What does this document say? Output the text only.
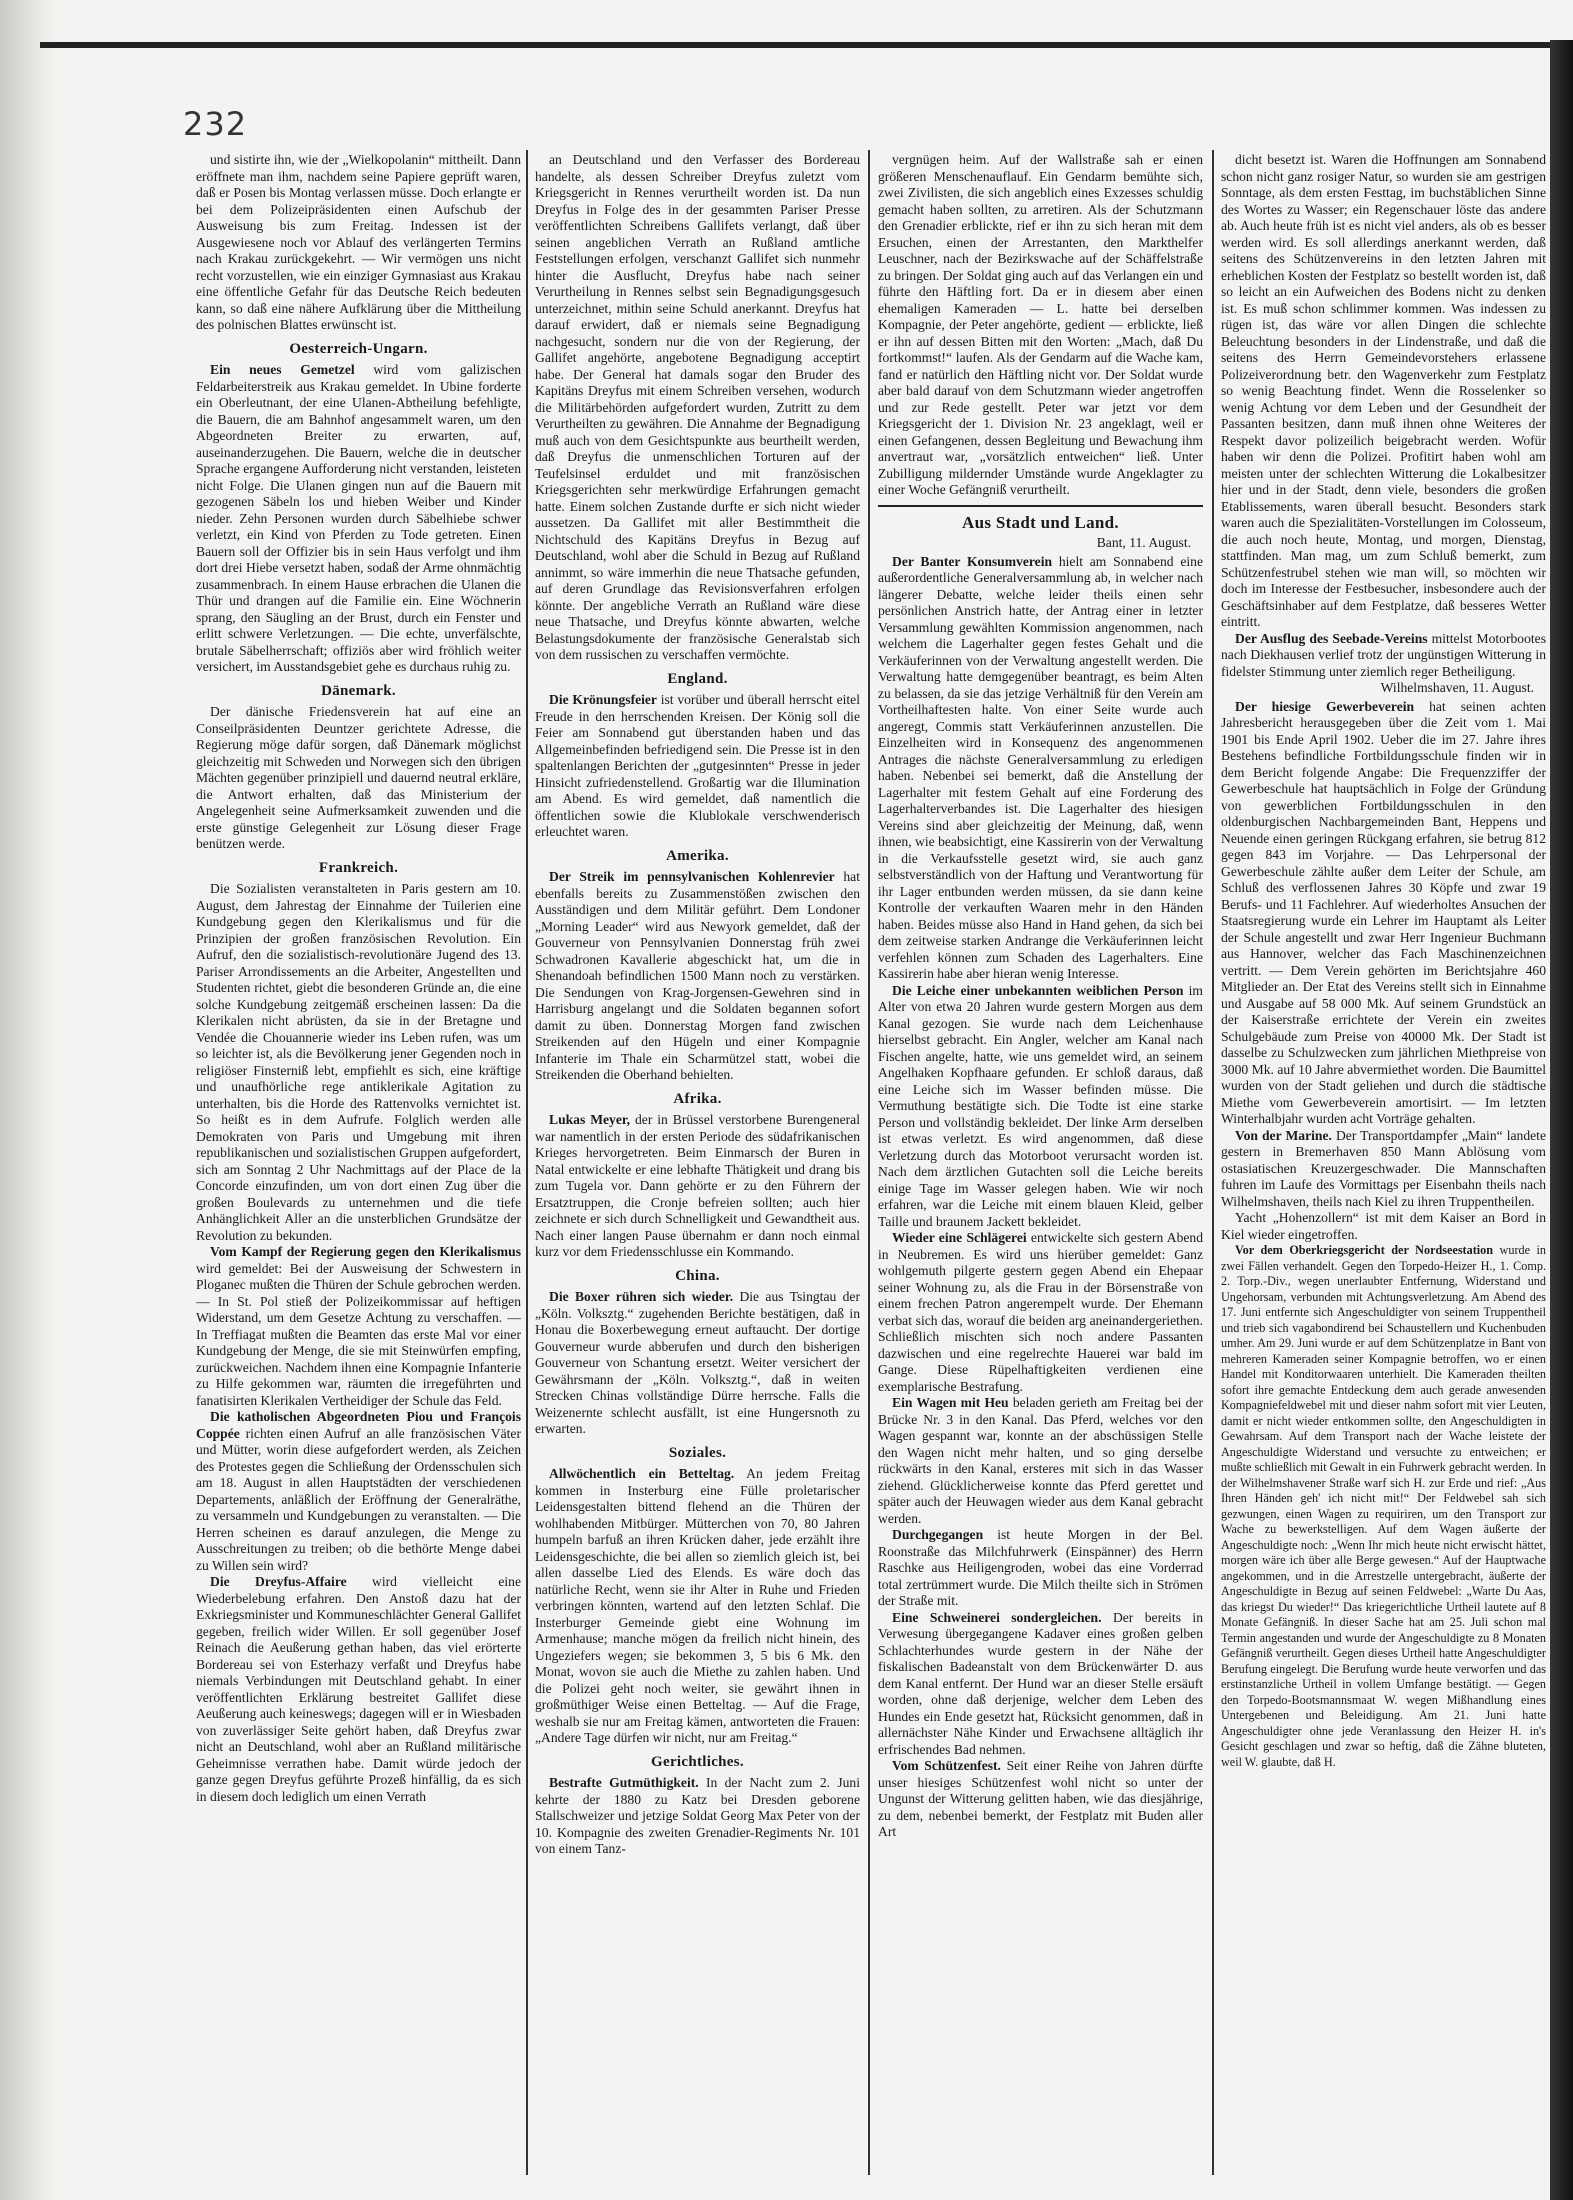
232

und sistirte ihn, wie der „Wielkopolanin“ mittheilt. Dann eröffnete man ihm, nachdem seine Papiere geprüft waren, daß er Posen bis Montag verlassen müsse. Doch erlangte er bei dem Polizeipräsidenten einen Aufschub der Ausweisung bis zum Freitag. Indessen ist der Ausgewiesene noch vor Ablauf des verlängerten Termins nach Krakau zurückgekehrt. — Wir vermögen uns nicht recht vorzustellen, wie ein einziger Gymnasiast aus Krakau eine öffentliche Gefahr für das Deutsche Reich bedeuten kann, so daß eine nähere Aufklärung über die Mittheilung des polnischen Blattes erwünscht ist.

Oesterreich-Ungarn.

Ein neues Gemetzel wird vom galizischen Feldarbeiterstreik aus Krakau gemeldet. In Ubine forderte ein Oberleutnant, der eine Ulanen-Abtheilung befehligte, die Bauern, die am Bahnhof angesammelt waren, um den Abgeordneten Breiter zu erwarten, auf, auseinanderzugehen. Die Bauern, welche die in deutscher Sprache ergangene Aufforderung nicht verstanden, leisteten nicht Folge. Die Ulanen gingen nun auf die Bauern mit gezogenen Säbeln los und hieben Weiber und Kinder nieder. Zehn Personen wurden durch Säbelhiebe schwer verletzt, ein Kind von Pferden zu Tode getreten. Einen Bauern soll der Offizier bis in sein Haus verfolgt und ihm dort drei Hiebe versetzt haben, sodaß der Arme ohnmächtig zusammenbrach. In einem Hause erbrachen die Ulanen die Thür und drangen auf die Familie ein. Eine Wöchnerin sprang, den Säugling an der Brust, durch ein Fenster und erlitt schwere Verletzungen. — Die echte, unverfälschte, brutale Säbelherrschaft; offiziös aber wird fröhlich weiter versichert, im Ausstandsgebiet gehe es durchaus ruhig zu.

Dänemark.

Der dänische Friedensverein hat auf eine an Conseilpräsidenten Deuntzer gerichtete Adresse, die Regierung möge dafür sorgen, daß Dänemark möglichst gleichzeitig mit Schweden und Norwegen sich den übrigen Mächten gegenüber prinzipiell und dauernd neutral erkläre, die Antwort erhalten, daß das Ministerium der Angelegenheit seine Aufmerksamkeit zuwenden und die erste günstige Gelegenheit zur Lösung dieser Frage benützen werde.

Frankreich.

Die Sozialisten veranstalteten in Paris gestern am 10. August, dem Jahrestag der Einnahme der Tuilerien eine Kundgebung gegen den Klerikalismus und für die Prinzipien der großen französischen Revolution. Ein Aufruf, den die sozialistisch-revolutionäre Jugend des 13. Pariser Arrondissements an die Arbeiter, Angestellten und Studenten richtet, giebt die besonderen Gründe an, die eine solche Kundgebung zeitgemäß erscheinen lassen: Da die Klerikalen nicht abrüsten, da sie in der Bretagne und Vendée die Chouannerie wieder ins Leben rufen, was um so leichter ist, als die Bevölkerung jener Gegenden noch in religiöser Finsterniß lebt, empfiehlt es sich, eine kräftige und unaufhörliche rege antiklerikale Agitation zu unterhalten, bis die Horde des Rattenvolks vernichtet ist. So heißt es in dem Aufrufe. Folglich werden alle Demokraten von Paris und Umgebung mit ihren republikanischen und sozialistischen Gruppen aufgefordert, sich am Sonntag 2 Uhr Nachmittags auf der Place de la Concorde einzufinden, um von dort einen Zug über die großen Boulevards zu unternehmen und die tiefe Anhänglichkeit Aller an die unsterblichen Grundsätze der Revolution zu bekunden.

Vom Kampf der Regierung gegen den Klerikalismus wird gemeldet: Bei der Ausweisung der Schwestern in Ploganec mußten die Thüren der Schule gebrochen werden. — In St. Pol stieß der Polizeikommissar auf heftigen Widerstand, um dem Gesetze Achtung zu verschaffen. — In Treffiagat mußten die Beamten das erste Mal vor einer Kundgebung der Menge, die sie mit Steinwürfen empfing, zurückweichen. Nachdem ihnen eine Kompagnie Infanterie zu Hilfe gekommen war, räumten die irregeführten und fanatisirten Klerikalen Vertheidiger der Schule das Feld.

Die katholischen Abgeordneten Piou und François Coppée richten einen Aufruf an alle französischen Väter und Mütter, worin diese aufgefordert werden, als Zeichen des Protestes gegen die Schließung der Ordensschulen sich am 18. August in allen Hauptstädten der verschiedenen Departements, anläßlich der Eröffnung der Generalräthe, zu versammeln und Kundgebungen zu veranstalten. — Die Herren scheinen es darauf anzulegen, die Menge zu Ausschreitungen zu treiben; ob die bethörte Menge dabei zu Willen sein wird?

Die Dreyfus-Affaire wird vielleicht eine Wiederbelebung erfahren. Den Anstoß dazu hat der Exkriegsminister und Kommuneschlächter General Gallifet gegeben, freilich wider Willen. Er soll gegenüber Josef Reinach die Aeußerung gethan haben, das viel erörterte Bordereau sei von Esterhazy verfaßt und Dreyfus habe niemals Verbindungen mit Deutschland gehabt. In einer veröffentlichten Erklärung bestreitet Gallifet diese Aeußerung auch keineswegs; dagegen will er in Wiesbaden von zuverlässiger Seite gehört haben, daß Dreyfus zwar nicht an Deutschland, wohl aber an Rußland militärische Geheimnisse verrathen habe. Damit würde jedoch der ganze gegen Dreyfus geführte Prozeß hinfällig, da es sich in diesem doch lediglich um einen Verrath

an Deutschland und den Verfasser des Bordereau handelte, als dessen Schreiber Dreyfus zuletzt vom Kriegsgericht in Rennes verurtheilt worden ist. Da nun Dreyfus in Folge des in der gesammten Pariser Presse veröffentlichten Schreibens Gallifets verlangt, daß über seinen angeblichen Verrath an Rußland amtliche Feststellungen erfolgen, verschanzt Gallifet sich nunmehr hinter die Ausflucht, Dreyfus habe nach seiner Verurtheilung in Rennes selbst sein Begnadigungsgesuch unterzeichnet, mithin seine Schuld anerkannt. Dreyfus hat darauf erwidert, daß er niemals seine Begnadigung nachgesucht, sondern nur die von der Regierung, der Gallifet angehörte, angebotene Begnadigung acceptirt habe. Der General hat damals sogar den Bruder des Kapitäns Dreyfus mit einem Schreiben versehen, wodurch die Militärbehörden aufgefordert wurden, Zutritt zu dem Verurtheilten zu gewähren. Die Annahme der Begnadigung muß auch von dem Gesichtspunkte aus beurtheilt werden, daß Dreyfus die unmenschlichen Torturen auf der Teufelsinsel erduldet und mit französischen Kriegsgerichten sehr merkwürdige Erfahrungen gemacht hatte. Einem solchen Zustande durfte er sich nicht wieder aussetzen. Da Gallifet mit aller Bestimmtheit die Nichtschuld des Kapitäns Dreyfus in Bezug auf Deutschland, wohl aber die Schuld in Bezug auf Rußland annimmt, so wäre immerhin die neue Thatsache gefunden, auf deren Grundlage das Revisionsverfahren erfolgen könnte. Der angebliche Verrath an Rußland wäre diese neue Thatsache, und Dreyfus könnte abwarten, welche Belastungsdokumente der französische Generalstab sich von dem russischen zu verschaffen vermöchte.

England.

Die Krönungsfeier ist vorüber und überall herrscht eitel Freude in den herrschenden Kreisen. Der König soll die Feier am Sonnabend gut überstanden haben und das Allgemeinbefinden befriedigend sein. Die Presse ist in den spaltenlangen Berichten der „gutgesinnten“ Presse in jeder Hinsicht zufriedenstellend. Großartig war die Illumination am Abend. Es wird gemeldet, daß namentlich die öffentlichen sowie die Klublokale verschwenderisch erleuchtet waren.

Amerika.

Der Streik im pennsylvanischen Kohlenrevier hat ebenfalls bereits zu Zusammenstößen zwischen den Ausständigen und dem Militär geführt. Dem Londoner „Morning Leader“ wird aus Newyork gemeldet, daß der Gouverneur von Pennsylvanien Donnerstag früh zwei Schwadronen Kavallerie abgeschickt hat, um die in Shenandoah befindlichen 1500 Mann noch zu verstärken. Die Sendungen von Krag-Jorgensen-Gewehren sind in Harrisburg angelangt und die Soldaten begannen sofort damit zu üben. Donnerstag Morgen fand zwischen Streikenden auf den Hügeln und einer Kompagnie Infanterie im Thale ein Scharmützel statt, wobei die Streikenden die Oberhand behielten.

Afrika.

Lukas Meyer, der in Brüssel verstorbene Burengeneral war namentlich in der ersten Periode des südafrikanischen Krieges hervorgetreten. Beim Einmarsch der Buren in Natal entwickelte er eine lebhafte Thätigkeit und drang bis zum Tugela vor. Dann gehörte er zu den Führern der Ersatztruppen, die Cronje befreien sollten; auch hier zeichnete er sich durch Schnelligkeit und Gewandtheit aus. Nach einer langen Pause übernahm er dann noch einmal kurz vor dem Friedensschlusse ein Kommando.

China.

Die Boxer rühren sich wieder. Die aus Tsingtau der „Köln. Volksztg.“ zugehenden Berichte bestätigen, daß in Honau die Boxerbewegung erneut auftaucht. Der dortige Gouverneur wurde abberufen und durch den bisherigen Gouverneur von Schantung ersetzt. Weiter versichert der Gewährsmann der „Köln. Volksztg.“, daß in weiten Strecken Chinas vollständige Dürre herrsche. Falls die Weizenernte schlecht ausfällt, ist eine Hungersnoth zu erwarten.

Soziales.

Allwöchentlich ein Betteltag. An jedem Freitag kommen in Insterburg eine Fülle proletarischer Leidensgestalten bittend flehend an die Thüren der wohlhabenden Mitbürger. Mütterchen von 70, 80 Jahren humpeln barfuß an ihren Krücken daher, jede erzählt ihre Leidensgeschichte, die bei allen so ziemlich gleich ist, bei allen dasselbe Lied des Elends. Es wäre doch das natürliche Recht, wenn sie ihr Alter in Ruhe und Frieden verbringen könnten, wartend auf den letzten Schlaf. Die Insterburger Gemeinde giebt eine Wohnung im Armenhause; manche mögen da freilich nicht hinein, des Ungeziefers wegen; sie bekommen 3, 5 bis 6 Mk. den Monat, wovon sie auch die Miethe zu zahlen haben. Und die Polizei geht noch weiter, sie gewährt ihnen in großmüthiger Weise einen Betteltag. — Auf die Frage, weshalb sie nur am Freitag kämen, antworteten die Frauen: „Andere Tage dürfen wir nicht, nur am Freitag.“

Gerichtliches.

Bestrafte Gutmüthigkeit. In der Nacht zum 2. Juni kehrte der 1880 zu Katz bei Dresden geborene Stallschweizer und jetzige Soldat Georg Max Peter von der 10. Kompagnie des zweiten Grenadier-Regiments Nr. 101 von einem Tanz-

vergnügen heim. Auf der Wallstraße sah er einen größeren Menschenauflauf. Ein Gendarm bemühte sich, zwei Zivilisten, die sich angeblich eines Exzesses schuldig gemacht haben sollten, zu arretiren. Als der Schutzmann den Grenadier erblickte, rief er ihn zu sich heran mit dem Ersuchen, einen der Arrestanten, den Markthelfer Leuschner, nach der Bezirkswache auf der Schäffelstraße zu bringen. Der Soldat ging auch auf das Verlangen ein und führte den Häftling fort. Da er in diesem aber einen ehemaligen Kameraden — L. hatte bei derselben Kompagnie, der Peter angehörte, gedient — erblickte, ließ er ihn auf dessen Bitten mit den Worten: „Mach, daß Du fortkommst!“ laufen. Als der Gendarm auf die Wache kam, fand er natürlich den Häftling nicht vor. Der Soldat wurde aber bald darauf von dem Schutzmann wieder angetroffen und zur Rede gestellt. Peter war jetzt vor dem Kriegsgericht der 1. Division Nr. 23 angeklagt, weil er einen Gefangenen, dessen Begleitung und Bewachung ihm anvertraut war, „vorsätzlich entweichen“ ließ. Unter Zubilligung mildernder Umstände wurde Angeklagter zu einer Woche Gefängniß verurtheilt.

Aus Stadt und Land.
Bant, 11. August.

Der Banter Konsumverein hielt am Sonnabend eine außerordentliche Generalversammlung ab, in welcher nach längerer Debatte, welche leider theils einen sehr persönlichen Anstrich hatte, der Antrag einer in letzter Versammlung gewählten Kommission angenommen, nach welchem die Lagerhalter gegen festes Gehalt und die Verkäuferinnen von der Verwaltung angestellt werden. Die Verwaltung hatte demgegenüber beantragt, es beim Alten zu belassen, da sie das jetzige Verhältniß für den Verein am Vortheilhaftesten halte. Von einer Seite wurde auch angeregt, Commis statt Verkäuferinnen anzustellen. Die Einzelheiten wird in Konsequenz des angenommenen Antrages die nächste Generalversammlung zu erledigen haben. Nebenbei sei bemerkt, daß die Anstellung der Lagerhalter mit festem Gehalt auf eine Forderung des Lagerhalterverbandes ist. Die Lagerhalter des hiesigen Vereins sind aber gleichzeitig der Meinung, daß, wenn ihnen, wie beabsichtigt, eine Kassirerin von der Verwaltung in die Verkaufsstelle gesetzt wird, sie auch ganz selbstverständlich von der Haftung und Verantwortung für ihr Lager entbunden werden müssen, da sie dann keine Kontrolle der verkauften Waaren mehr in den Händen haben. Beides müsse also Hand in Hand gehen, da sich bei dem zeitweise starken Andrange die Verkäuferinnen leicht verfehlen können zum Schaden des Lagerhalters. Eine Kassirerin habe aber hieran wenig Interesse.

Die Leiche einer unbekannten weiblichen Person im Alter von etwa 20 Jahren wurde gestern Morgen aus dem Kanal gezogen. Sie wurde nach dem Leichenhause hierselbst gebracht. Ein Angler, welcher am Kanal nach Fischen angelte, hatte, wie uns gemeldet wird, an seinem Angelhaken Kopfhaare gefunden. Er schloß daraus, daß eine Leiche sich im Wasser befinden müsse. Die Vermuthung bestätigte sich. Die Todte ist eine starke Person und vollständig bekleidet. Der linke Arm derselben ist etwas verletzt. Es wird angenommen, daß diese Verletzung durch das Motorboot verursacht worden ist. Nach dem ärztlichen Gutachten soll die Leiche bereits einige Tage im Wasser gelegen haben. Wie wir noch erfahren, war die Leiche mit einem blauen Kleid, gelber Taille und braunem Jackett bekleidet.

Wieder eine Schlägerei entwickelte sich gestern Abend in Neubremen. Es wird uns hierüber gemeldet: Ganz wohlgemuth pilgerte gestern gegen Abend ein Ehepaar seiner Wohnung zu, als die Frau in der Börsenstraße von einem frechen Patron angerempelt wurde. Der Ehemann verbat sich das, worauf die beiden arg aneinandergeriethen. Schließlich mischten sich noch andere Passanten dazwischen und eine regelrechte Hauerei war bald im Gange. Diese Rüpelhaftigkeiten verdienen eine exemplarische Bestrafung.

Ein Wagen mit Heu beladen gerieth am Freitag bei der Brücke Nr. 3 in den Kanal. Das Pferd, welches vor den Wagen gespannt war, konnte an der abschüssigen Stelle den Wagen nicht mehr halten, und so ging derselbe rückwärts in den Kanal, ersteres mit sich in das Wasser ziehend. Glücklicherweise konnte das Pferd gerettet und später auch der Heuwagen wieder aus dem Kanal gebracht werden.

Durchgegangen ist heute Morgen in der Bel. Roonstraße das Milchfuhrwerk (Einspänner) des Herrn Raschke aus Heiligengroden, wobei das eine Vorderrad total zertrümmert wurde. Die Milch theilte sich in Strömen der Straße mit.

Eine Schweinerei sondergleichen. Der bereits in Verwesung übergegangene Kadaver eines großen gelben Schlachterhundes wurde gestern in der Nähe der fiskalischen Badeanstalt von dem Brückenwärter D. aus dem Kanal entfernt. Der Hund war an dieser Stelle ersäuft worden, ohne daß derjenige, welcher dem Leben des Hundes ein Ende gesetzt hat, Rücksicht genommen, daß in allernächster Nähe Kinder und Erwachsene alltäglich ihr erfrischendes Bad nehmen.

Vom Schützenfest. Seit einer Reihe von Jahren dürfte unser hiesiges Schützenfest wohl nicht so unter der Ungunst der Witterung gelitten haben, wie das diesjährige, zu dem, nebenbei bemerkt, der Festplatz mit Buden aller Art

dicht besetzt ist. Waren die Hoffnungen am Sonnabend schon nicht ganz rosiger Natur, so wurden sie am gestrigen Sonntage, als dem ersten Festtag, im buchstäblichen Sinne des Wortes zu Wasser; ein Regenschauer löste das andere ab. Auch heute früh ist es nicht viel anders, als ob es besser werden wird. Es soll allerdings anerkannt werden, daß seitens des Schützenvereins in den letzten Jahren mit erheblichen Kosten der Festplatz so bestellt worden ist, daß so leicht an ein Aufweichen des Bodens nicht zu denken ist. Es muß schon schlimmer kommen. Was indessen zu rügen ist, das wäre vor allen Dingen die schlechte Beleuchtung besonders in der Lindenstraße, und daß die seitens des Herrn Gemeindevorstehers erlassene Polizeiverordnung betr. den Wagenverkehr zum Festplatz so wenig Beachtung findet. Wenn die Rosselenker so wenig Achtung vor dem Leben und der Gesundheit der Passanten besitzen, dann muß ihnen ohne Weiteres der Respekt davor polizeilich beigebracht werden. Wofür haben wir denn die Polizei. Profitirt haben wohl am meisten unter der schlechten Witterung die Lokalbesitzer hier und in der Stadt, denn viele, besonders die großen Etablissements, waren überall besucht. Besonders stark waren auch die Spezialitäten-Vorstellungen im Colosseum, die auch noch heute, Montag, und morgen, Dienstag, stattfinden. Man mag, um zum Schluß bemerkt, zum Schützenfestrubel stehen wie man will, so möchten wir doch im Interesse der Festbesucher, insbesondere auch der Geschäftsinhaber auf dem Festplatze, daß besseres Wetter eintritt.

Der Ausflug des Seebade-Vereins mittelst Motorbootes nach Diekhausen verlief trotz der ungünstigen Witterung in fidelster Stimmung unter ziemlich reger Betheiligung.

Wilhelmshaven, 11. August.

Der hiesige Gewerbeverein hat seinen achten Jahresbericht herausgegeben über die Zeit vom 1. Mai 1901 bis Ende April 1902. Ueber die im 27. Jahre ihres Bestehens befindliche Fortbildungsschule finden wir in dem Bericht folgende Angabe: Die Frequenzziffer der Gewerbeschule hat hauptsächlich in Folge der Gründung von gewerblichen Fortbildungsschulen in den oldenburgischen Nachbargemeinden Bant, Heppens und Neuende einen geringen Rückgang erfahren, sie betrug 812 gegen 843 im Vorjahre. — Das Lehrpersonal der Gewerbeschule zählte außer dem Leiter der Schule, am Schluß des verflossenen Jahres 30 Köpfe und zwar 19 Berufs- und 11 Fachlehrer. Auf wiederholtes Ansuchen der Staatsregierung wurde ein Lehrer im Hauptamt als Leiter der Schule angestellt und zwar Herr Ingenieur Buchmann aus Hannover, welcher das Fach Maschinenzeichnen vertritt. — Dem Verein gehörten im Berichtsjahre 460 Mitglieder an. Der Etat des Vereins stellt sich in Einnahme und Ausgabe auf 58 000 Mk. Auf seinem Grundstück an der Kaiserstraße errichtete der Verein ein zweites Schulgebäude zum Preise von 40000 Mk. Der Stadt ist dasselbe zu Schulzwecken zum jährlichen Miethpreise von 3000 Mk. auf 10 Jahre abvermiethet worden. Die Baumittel wurden von der Stadt geliehen und durch die städtische Miethe vom Gewerbeverein amortisirt. — Im letzten Winterhalbjahr wurden acht Vorträge gehalten.

Von der Marine. Der Transportdampfer „Main“ landete gestern in Bremerhaven 850 Mann Ablösung vom ostasiatischen Kreuzergeschwader. Die Mannschaften fuhren im Laufe des Vormittags per Eisenbahn theils nach Wilhelmshaven, theils nach Kiel zu ihren Truppentheilen.

Yacht „Hohenzollern“ ist mit dem Kaiser an Bord in Kiel wieder eingetroffen.

Vor dem Oberkriegsgericht der Nordseestation wurde in zwei Fällen verhandelt. Gegen den Torpedo-Heizer H., 1. Comp. 2. Torp.-Div., wegen unerlaubter Entfernung, Widerstand und Ungehorsam, verbunden mit Achtungsverletzung. Am Abend des 17. Juni entfernte sich Angeschuldigter von seinem Truppentheil und trieb sich vagabondirend bei Schaustellern und Kuchenbuden umher. Am 29. Juni wurde er auf dem Schützenplatze in Bant von mehreren Kameraden seiner Kompagnie betroffen, wo er einen Handel mit Konditorwaaren unterhielt. Die Kameraden theilten sofort ihre gemachte Entdeckung dem auch gerade anwesenden Kompagniefeldwebel mit und dieser nahm sofort mit vier Leuten, damit er nicht wieder entkommen sollte, den Angeschuldigten in Gewahrsam. Auf dem Transport nach der Wache leistete der Angeschuldigte Widerstand und versuchte zu entweichen; er mußte schließlich mit Gewalt in ein Fuhrwerk gebracht werden. In der Wilhelmshavener Straße warf sich H. zur Erde und rief: „Aus Ihren Händen geh' ich nicht mit!“ Der Feldwebel sah sich gezwungen, einen Wagen zu requiriren, um den Transport zur Wache zu bewerkstelligen. Auf dem Wagen äußerte der Angeschuldigte noch: „Wenn Ihr mich heute nicht erwischt hättet, morgen wäre ich über alle Berge gewesen.“ Auf der Hauptwache angekommen, und in die Arrestzelle untergebracht, äußerte der Angeschuldigte in Bezug auf seinen Feldwebel: „Warte Du Aas, das kriegst Du wieder!“ Das kriegerichtliche Urtheil lautete auf 8 Monate Gefängniß. In dieser Sache hat am 25. Juli schon mal Termin angestanden und wurde der Angeschuldigte zu 8 Monaten Gefängniß verurtheilt. Gegen dieses Urtheil hatte Angeschuldigter Berufung eingelegt. Die Berufung wurde heute verworfen und das erstinstanzliche Urtheil in vollem Umfange bestätigt. — Gegen den Torpedo-Bootsmannsmaat W. wegen Mißhandlung eines Untergebenen und Beleidigung. Am 21. Juni hatte Angeschuldigter ohne jede Veranlassung den Heizer H. in's Gesicht geschlagen und zwar so heftig, daß die Zähne bluteten, weil W. glaubte, daß H.
